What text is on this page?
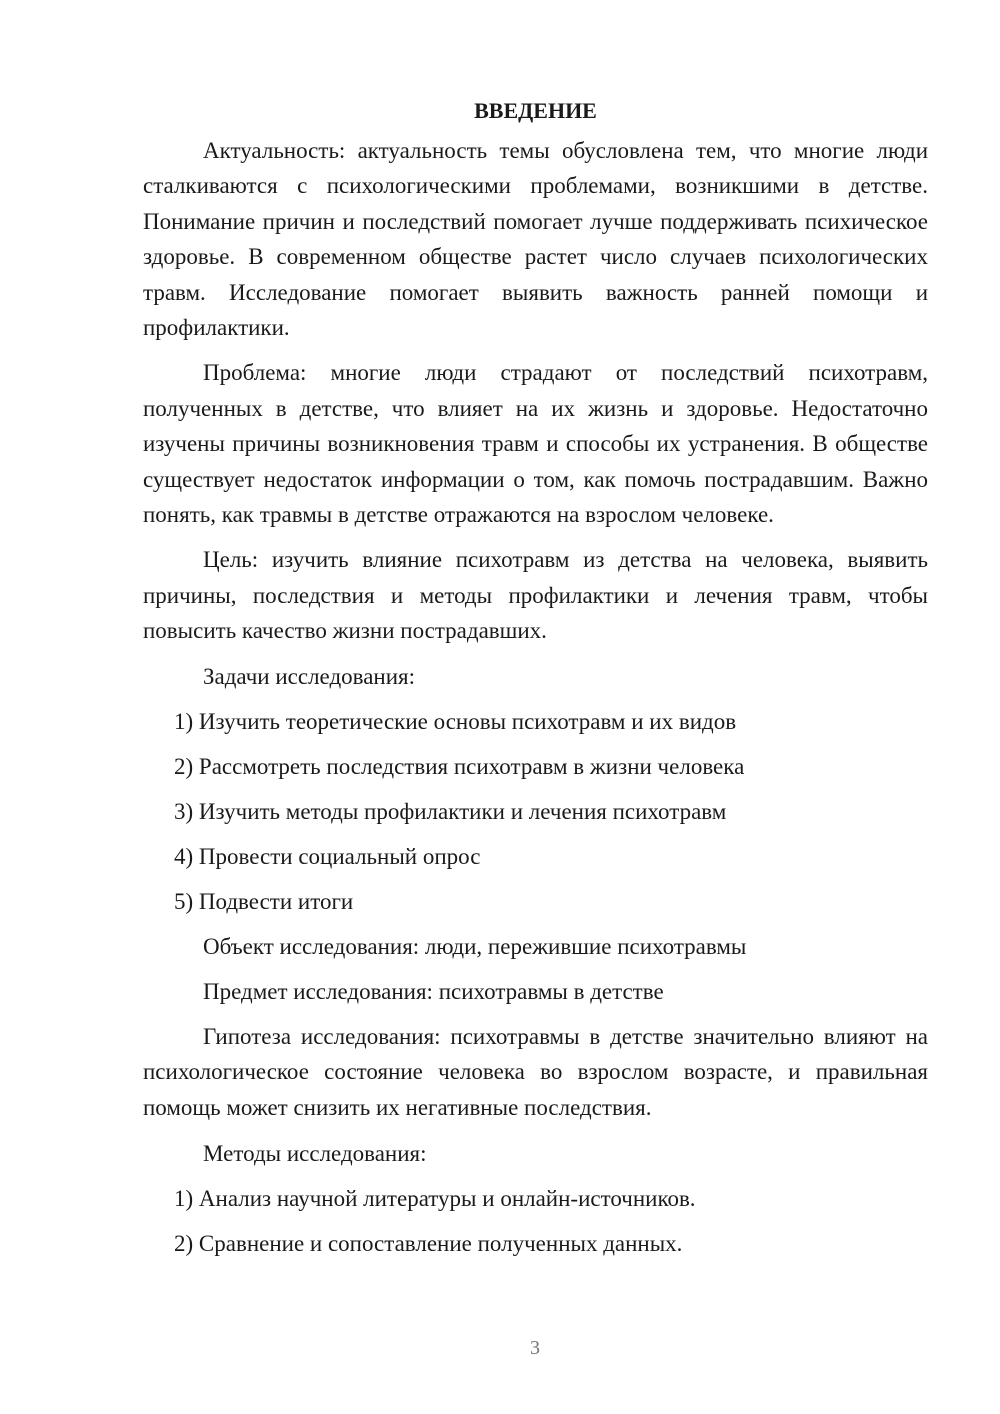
ВВЕДЕНИЕ

Актуальность: актуальность темы обусловлена тем, что многие люди сталкиваются с психологическими проблемами, возникшими в детстве. Понимание причин и последствий помогает лучше поддерживать психическое здоровье. В современном обществе растет число случаев психологических травм. Исследование помогает выявить важность ранней помощи и профилактики.

Проблема: многие люди страдают от последствий психотравм, полученных в детстве, что влияет на их жизнь и здоровье. Недостаточно изучены причины возникновения травм и способы их устранения. В обществе существует недостаток информации о том, как помочь пострадавшим. Важно понять, как травмы в детстве отражаются на взрослом человеке.

Цель: изучить влияние психотравм из детства на человека, выявить причины, последствия и методы профилактики и лечения травм, чтобы повысить качество жизни пострадавших.

Задачи исследования:

1) Изучить теоретические основы психотравм и их видов

2) Рассмотреть последствия психотравм в жизни человека

3) Изучить методы профилактики и лечения психотравм

4) Провести социальный опрос

5) Подвести итоги

Объект исследования: люди, пережившие психотравмы

Предмет исследования: психотравмы в детстве

Гипотеза исследования: психотравмы в детстве значительно влияют на психологическое состояние человека во взрослом возрасте, и правильная помощь может снизить их негативные последствия.

Методы исследования:

1) Анализ научной литературы и онлайн-источников.

2) Сравнение и сопоставление полученных данных.

3
